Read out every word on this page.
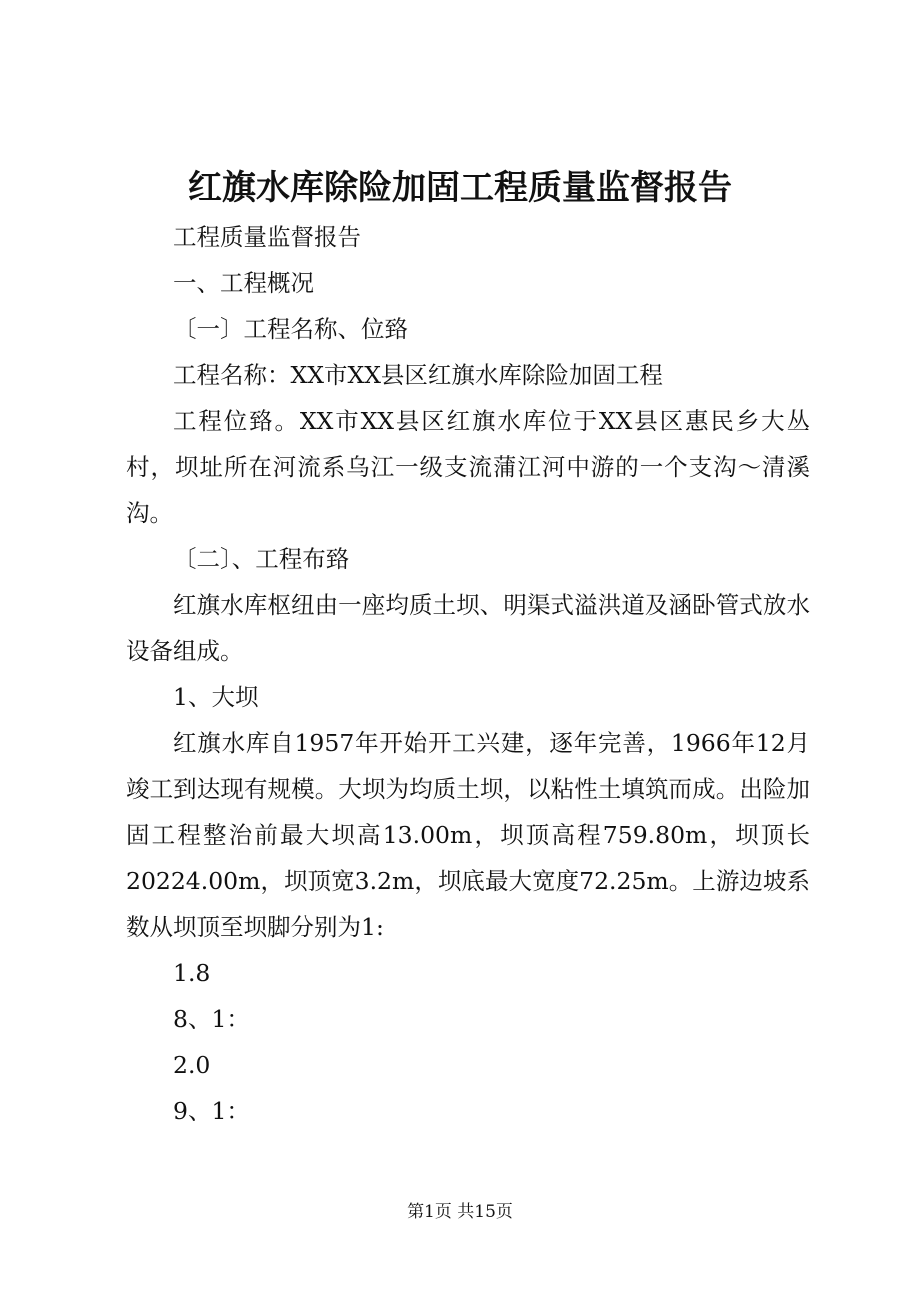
红旗水库除险加固工程质量监督报告

工程质量监督报告

一、工程概况

〔一〕工程名称、位臵

工程名称：XX市XX县区红旗水库除险加固工程

工程位臵。XX市XX县区红旗水库位于XX县区惠民乡大丛村，坝址所在河流系乌江一级支流蒲江河中游的一个支沟～清溪沟。

〔二〕、工程布臵

红旗水库枢纽由一座均质土坝、明渠式溢洪道及涵卧管式放水设备组成。

1、大坝

红旗水库自1957年开始开工兴建，逐年完善，1966年12月竣工到达现有规模。大坝为均质土坝，以粘性土填筑而成。出险加固工程整治前最大坝高13.00m，坝顶高程759.80m，坝顶长20224.00m，坝顶宽3.2m，坝底最大宽度72.25m。上游边坡系数从坝顶至坝脚分别为1:

1.8

8、1：

2.0

9、1：

第1页 共15页
